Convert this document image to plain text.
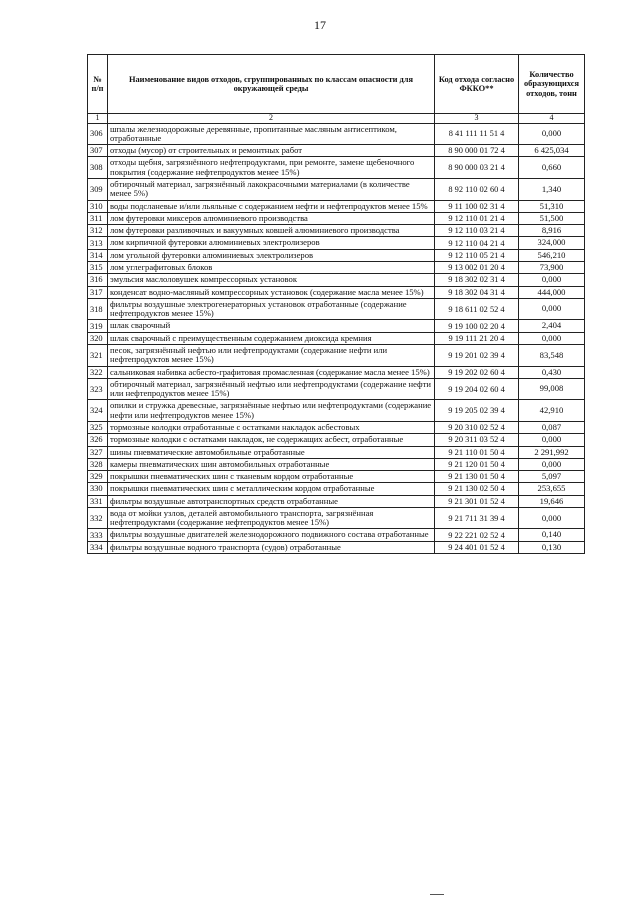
17
№ п/п	Наименование видов отходов, сгруппированных по классам опасности для окружающей среды	Код отхода согласно ФККО**	Количество образующихся отходов, тонн
1	2	3	4
306	шпалы железнодорожные деревянные, пропитанные масляным антисептиком, отработанные	8 41 111 11 51 4	0,000
307	отходы (мусор) от строительных и ремонтных работ	8 90 000 01 72 4	6 425,034
308	отходы щебня, загрязнённого нефтепродуктами, при ремонте, замене щебеночного покрытия (содержание нефтепродуктов менее 15%)	8 90 000 03 21 4	0,660
309	обтирочный материал, загрязнённый лакокрасочными материалами (в количестве менее 5%)	8 92 110 02 60 4	1,340
310	воды подсланевые и/или льяльные с содержанием нефти и нефтепродуктов менее 15%	9 11 100 02 31 4	51,310
311	лом футеровки миксеров алюминиевого производства	9 12 110 01 21 4	51,500
312	лом футеровки разливочных и вакуумных ковшей алюминиевого производства	9 12 110 03 21 4	8,916
313	лом кирпичной футеровки алюминиевых электролизеров	9 12 110 04 21 4	324,000
314	лом угольной футеровки алюминиевых электролизеров	9 12 110 05 21 4	546,210
315	лом углеграфитовых блоков	9 13 002 01 20 4	73,900
316	эмульсия маслоловушек компрессорных установок	9 18 302 02 31 4	0,000
317	конденсат водно-масляный компрессорных установок (содержание масла менее 15%)	9 18 302 04 31 4	444,000
318	фильтры воздушные электрогенераторных установок отработанные (содержание нефтепродуктов менее 15%)	9 18 611 02 52 4	0,000
319	шлак сварочный	9 19 100 02 20 4	2,404
320	шлак сварочный с преимущественным содержанием диоксида кремния	9 19 111 21 20 4	0,000
321	песок, загрязнённый нефтью или нефтепродуктами (содержание нефти или нефтепродуктов менее 15%)	9 19 201 02 39 4	83,548
322	сальниковая набивка асбесто-графитовая промасленная (содержание масла менее 15%)	9 19 202 02 60 4	0,430
323	обтирочный материал, загрязнённый нефтью или нефтепродуктами (содержание нефти или нефтепродуктов менее 15%)	9 19 204 02 60 4	99,008
324	опилки и стружка древесные, загрязнённые нефтью или нефтепродуктами (содержание нефти или нефтепродуктов менее 15%)	9 19 205 02 39 4	42,910
325	тормозные колодки отработанные с остатками накладок асбестовых	9 20 310 02 52 4	0,087
326	тормозные колодки с остатками накладок, не содержащих асбест, отработанные	9 20 311 03 52 4	0,000
327	шины пневматические автомобильные отработанные	9 21 110 01 50 4	2 291,992
328	камеры пневматических шин автомобильных отработанные	9 21 120 01 50 4	0,000
329	покрышки пневматических шин с тканевым кордом отработанные	9 21 130 01 50 4	5,097
330	покрышки пневматических шин с металлическим кордом отработанные	9 21 130 02 50 4	253,655
331	фильтры воздушные автотранспортных средств отработанные	9 21 301 01 52 4	19,646
332	вода от мойки узлов, деталей автомобильного транспорта, загрязнённая нефтепродуктами (содержание нефтепродуктов менее 15%)	9 21 711 31 39 4	0,000
333	фильтры воздушные двигателей железнодорожного подвижного состава отработанные	9 22 221 02 52 4	0,140
334	фильтры воздушные водного транспорта (судов) отработанные	9 24 401 01 52 4	0,130
